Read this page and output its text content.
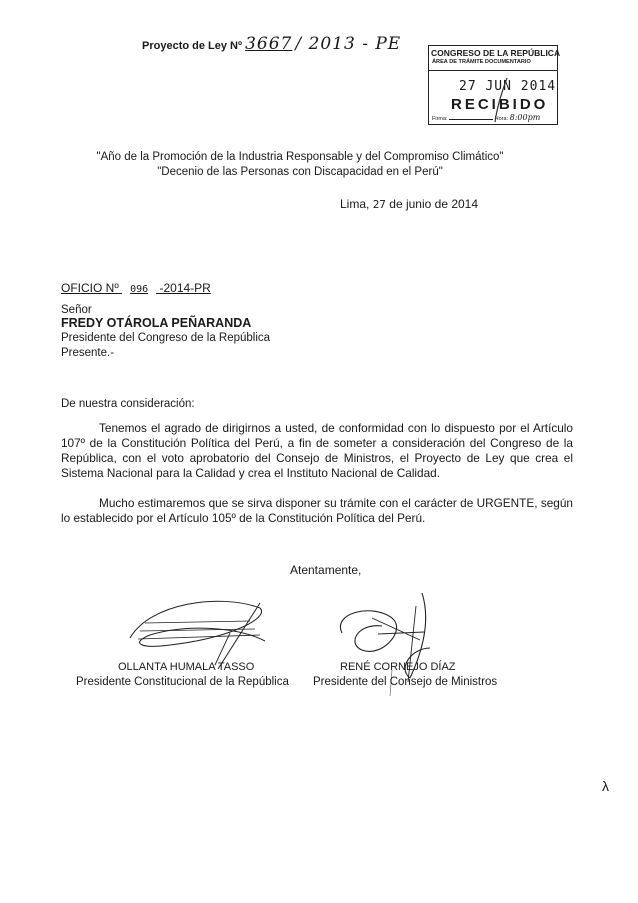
Proyecto de Ley Nº 3667 / 2013 - PE	CONGRESO DE LA REPÚBLICA
ÁREA DE TRÁMITE DOCUMENTARIO
27 JUN 2014
RECIBIDO
Firma:	Hora: 8:00pm
"Año de la Promoción de la Industria Responsable y del Compromiso Climático"
"Decenio de las Personas con Discapacidad en el Perú"
Lima, 27 de junio de 2014
OFICIO Nº 096 -2014-PR
Señor
FREDY OTÁROLA PEÑARANDA
Presidente del Congreso de la República
Presente.-
De nuestra consideración:
Tenemos el agrado de dirigirnos a usted, de conformidad con lo dispuesto por el Artículo 107º de la Constitución Política del Perú, a fin de someter a consideración del Congreso de la República, con el voto aprobatorio del Consejo de Ministros, el Proyecto de Ley que crea el Sistema Nacional para la Calidad y crea el Instituto Nacional de Calidad.
Mucho estimaremos que se sirva disponer su trámite con el carácter de URGENTE, según lo establecido por el Artículo 105º de la Constitución Política del Perú.
Atentamente,
OLLANTA HUMALA TASSO
Presidente Constitucional de la República
RENÉ CORNEJO DÍAZ
Presidente del Consejo de Ministros
λ
